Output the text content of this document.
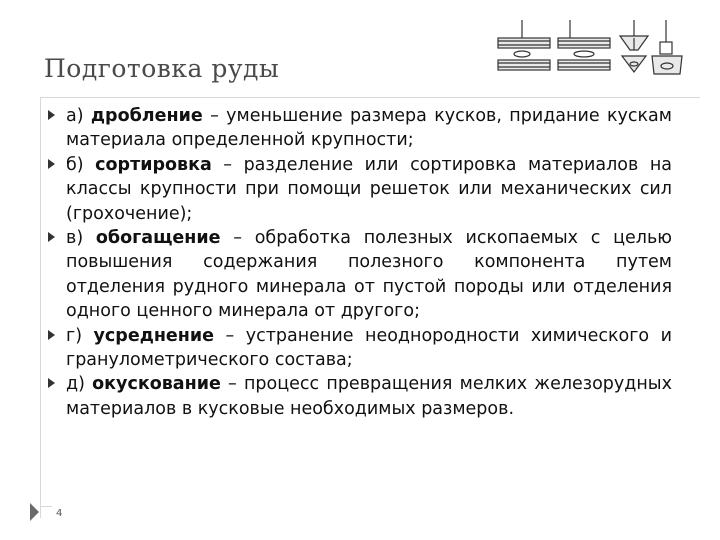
Подготовка руды
а) дробление – уменьшение размера кусков, придание кускам материала определенной крупности;
б) сортировка – разделение или сортировка материалов на классы крупности при помощи решеток или механических сил (грохочение);
в) обогащение – обработка полезных ископаемых с целью повышения содержания полезного компонента путем отделения рудного минерала от пустой породы или отделения одного ценного минерала от другого;
г) усреднение – устранение неоднородности химического и гранулометрического состава;
д) окускование – процесс превращения мелких железорудных материалов в кусковые необходимых размеров.
4
